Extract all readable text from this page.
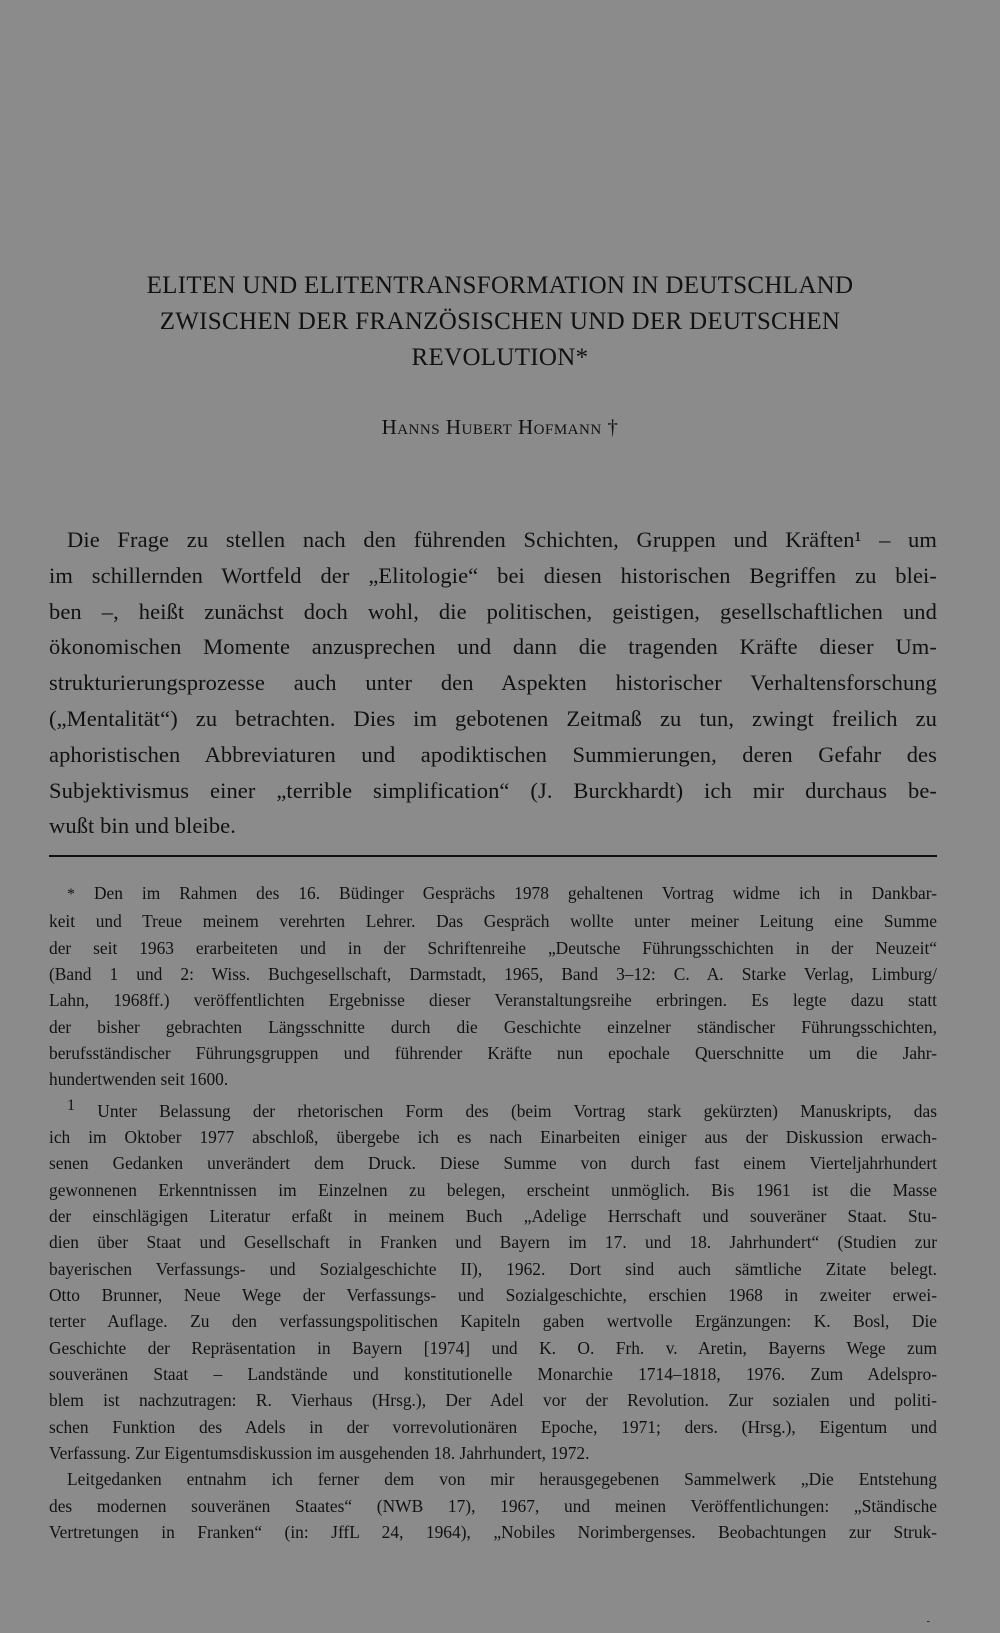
ELITEN UND ELITENTRANSFORMATION IN DEUTSCHLAND
ZWISCHEN DER FRANZÖSISCHEN UND DER DEUTSCHEN
REVOLUTION*
Hanns Hubert Hofmann †
Die Frage zu stellen nach den führenden Schichten, Gruppen und Kräften¹ – um
im schillernden Wortfeld der „Elitologie“ bei diesen historischen Begriffen zu blei-
ben –, heißt zunächst doch wohl, die politischen, geistigen, gesellschaftlichen und
ökonomischen Momente anzusprechen und dann die tragenden Kräfte dieser Um-
strukturierungsprozesse auch unter den Aspekten historischer Verhaltensforschung
(„Mentalität“) zu betrachten. Dies im gebotenen Zeitmaß zu tun, zwingt freilich zu
aphoristischen Abbreviaturen und apodiktischen Summierungen, deren Gefahr des
Subjektivismus einer „terrible simplification“ (J. Burckhardt) ich mir durchaus be-
wußt bin und bleibe.
* Den im Rahmen des 16. Büdinger Gesprächs 1978 gehaltenen Vortrag widme ich in Dankbar-
keit und Treue meinem verehrten Lehrer. Das Gespräch wollte unter meiner Leitung eine Summe
der seit 1963 erarbeiteten und in der Schriftenreihe „Deutsche Führungsschichten in der Neuzeit“
(Band 1 und 2: Wiss. Buchgesellschaft, Darmstadt, 1965, Band 3–12: C. A. Starke Verlag, Limburg/
Lahn, 1968ff.) veröffentlichten Ergebnisse dieser Veranstaltungsreihe erbringen. Es legte dazu statt
der bisher gebrachten Längsschnitte durch die Geschichte einzelner ständischer Führungsschichten,
berufsständischer Führungsgruppen und führender Kräfte nun epochale Querschnitte um die Jahr-
hundertwenden seit 1600.
$^1$ Unter Belassung der rhetorischen Form des (beim Vortrag stark gekürzten) Manuskripts, das
ich im Oktober 1977 abschloß, übergebe ich es nach Einarbeiten einiger aus der Diskussion erwach-
senen Gedanken unverändert dem Druck. Diese Summe von durch fast einem Vierteljahrhundert
gewonnenen Erkenntnissen im Einzelnen zu belegen, erscheint unmöglich. Bis 1961 ist die Masse
der einschlägigen Literatur erfaßt in meinem Buch „Adelige Herrschaft und souveräner Staat. Stu-
dien über Staat und Gesellschaft in Franken und Bayern im 17. und 18. Jahrhundert“ (Studien zur
bayerischen Verfassungs- und Sozialgeschichte II), 1962. Dort sind auch sämtliche Zitate belegt.
Otto Brunner, Neue Wege der Verfassungs- und Sozialgeschichte, erschien 1968 in zweiter erwei-
terter Auflage. Zu den verfassungspolitischen Kapiteln gaben wertvolle Ergänzungen: K. Bosl, Die
Geschichte der Repräsentation in Bayern [1974] und K. O. Frh. v. Aretin, Bayerns Wege zum
souveränen Staat – Landstände und konstitutionelle Monarchie 1714–1818, 1976. Zum Adelspro-
blem ist nachzutragen: R. Vierhaus (Hrsg.), Der Adel vor der Revolution. Zur sozialen und politi-
schen Funktion des Adels in der vorrevolutionären Epoche, 1971; ders. (Hrsg.), Eigentum und
Verfassung. Zur Eigentumsdiskussion im ausgehenden 18. Jahrhundert, 1972.
Leitgedanken entnahm ich ferner dem von mir herausgegebenen Sammelwerk „Die Entstehung
des modernen souveränen Staates“ (NWB 17), 1967, und meinen Veröffentlichungen: „Ständische
Vertretungen in Franken“ (in: JffL 24, 1964), „Nobiles Norimbergenses. Beobachtungen zur Struk-
-
